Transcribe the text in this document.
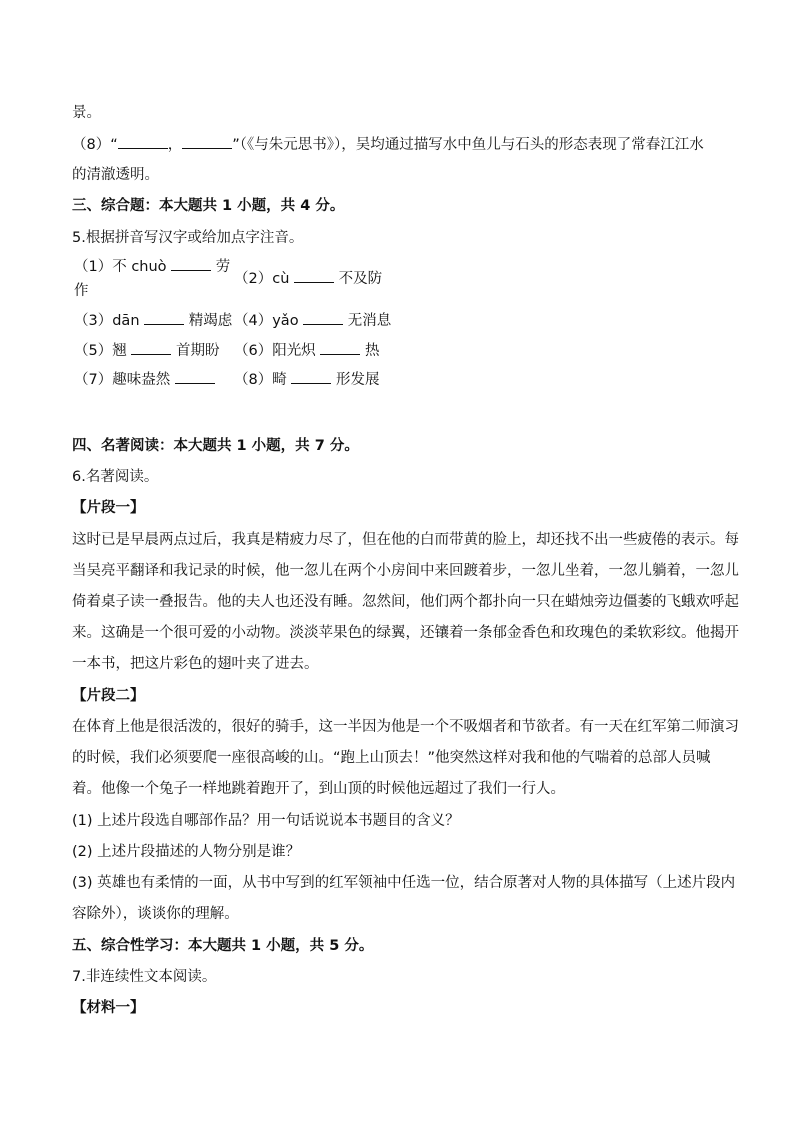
景。
（8）“	，	”（《与朱元思书》），吴均通过描写水中鱼儿与石头的形态表现了常春江江水
的清澈透明。
三、综合题：本大题共 1 小题，共 4 分。
5.根据拼音写汉字或给加点字注音。
（1）不 chuò	劳
作
（2）cù	不及防
（3）dān	精竭虑 （4）yǎo	无消息
（5）翘	首期盼 （6）阳光炽	热
（7）趣味盎然	（8）畸	形发展
四、名著阅读：本大题共 1 小题，共 7 分。
6.名著阅读。
【片段一】
这时已是早晨两点过后，我真是精疲力尽了，但在他的白而带黄的脸上，却还找不出一些疲倦的表示。每
当吴亮平翻译和我记录的时候，他一忽儿在两个小房间中来回踱着步，一忽儿坐着，一忽儿躺着，一忽儿
倚着桌子读一叠报告。他的夫人也还没有睡。忽然间，他们两个都扑向一只在蜡烛旁边僵萎的飞蛾欢呼起
来。这确是一个很可爱的小动物。淡淡苹果色的绿翼，还镶着一条郁金香色和玫瑰色的柔软彩纹。他揭开
一本书，把这片彩色的翅叶夹了进去。
【片段二】
在体育上他是很活泼的，很好的骑手，这一半因为他是一个不吸烟者和节欲者。有一天在红军第二师演习
的时候，我们必须要爬一座很高峻的山。“跑上山顶去！”他突然这样对我和他的气喘着的总部人员喊
着。他像一个兔子一样地跳着跑开了，到山顶的时候他远超过了我们一行人。
(1) 上述片段选自哪部作品？用一句话说说本书题目的含义？
(2) 上述片段描述的人物分别是谁？
(3) 英雄也有柔情的一面，从书中写到的红军领袖中任选一位，结合原著对人物的具体描写（上述片段内
容除外），谈谈你的理解。
五、综合性学习：本大题共 1 小题，共 5 分。
7.非连续性文本阅读。
【材料一】
